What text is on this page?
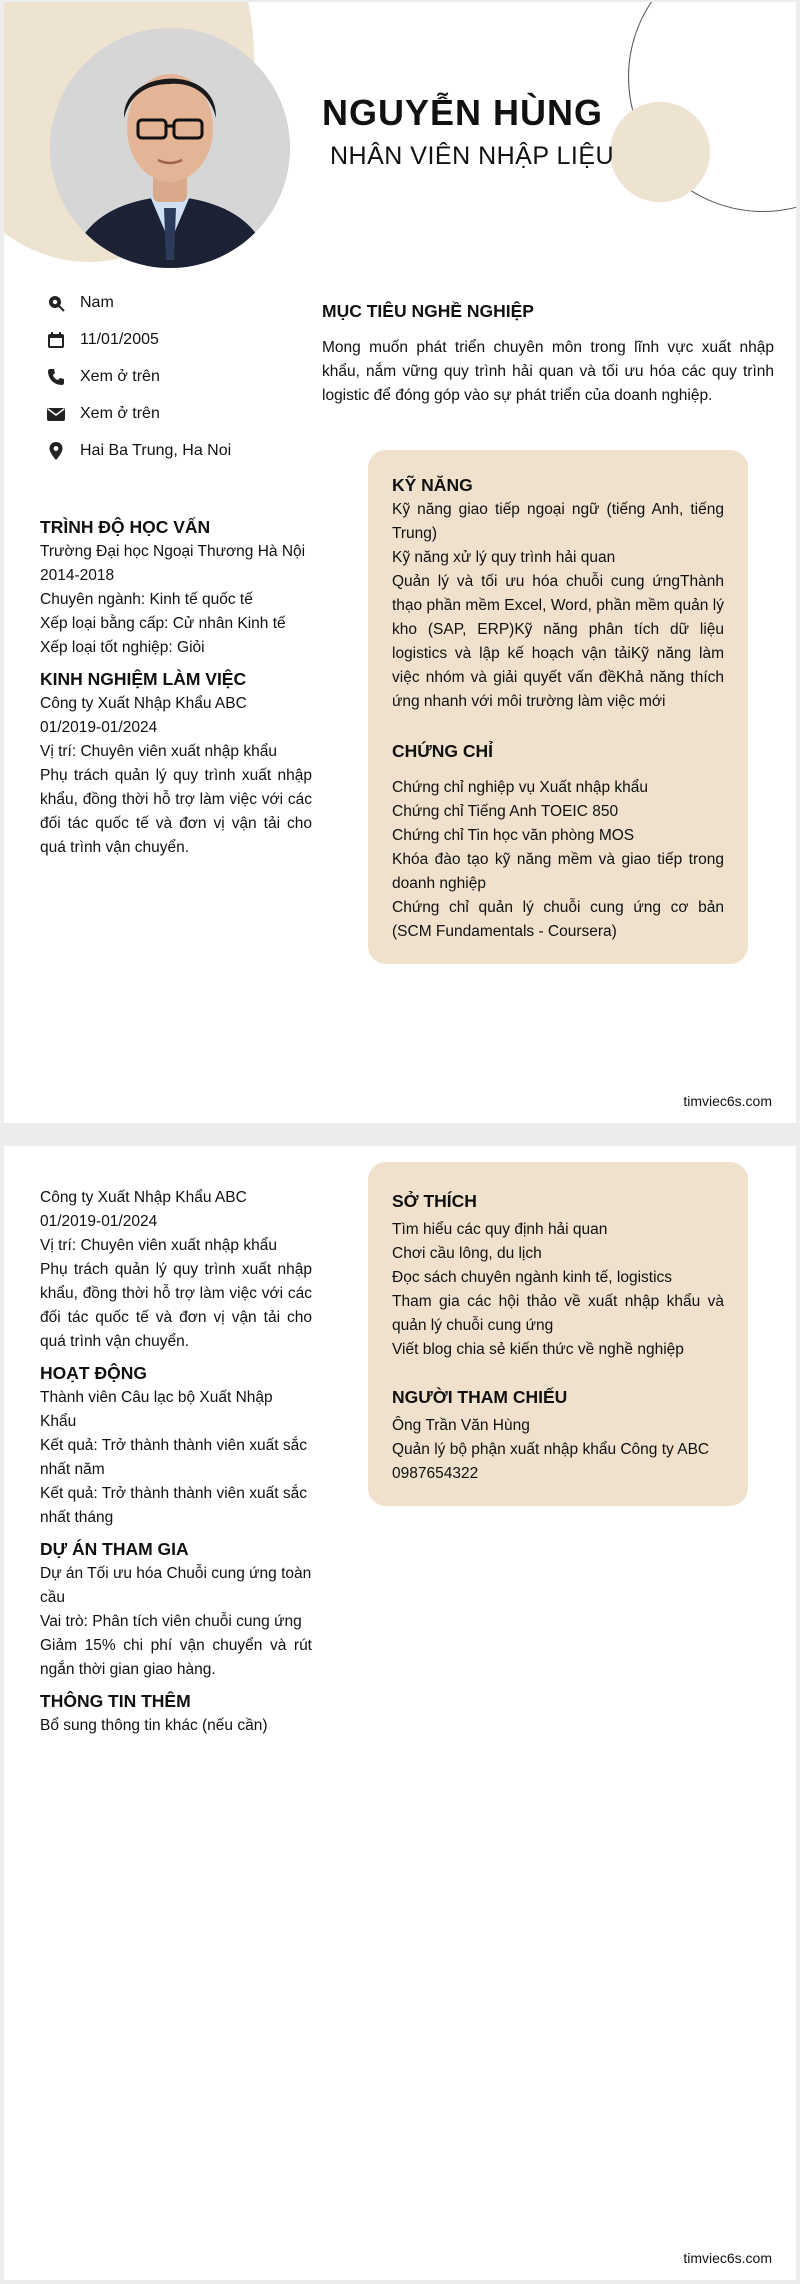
NGUYỄN HÙNG
NHÂN VIÊN NHẬP LIỆU
Nam
11/01/2005
Xem ở trên
Xem ở trên
Hai Ba Trung, Ha Noi

MỤC TIÊU NGHỀ NGHIỆP

Mong muốn phát triển chuyên môn trong lĩnh vực xuất nhập khẩu, nắm vững quy trình hải quan và tối ưu hóa các quy trình logistic để đóng góp vào sự phát triển của doanh nghiệp.

TRÌNH ĐỘ HỌC VẤN

Trường Đại học Ngoại Thương Hà Nội

2014-2018

Chuyên ngành: Kinh tế quốc tế

Xếp loại bằng cấp: Cử nhân Kinh tế

Xếp loại tốt nghiệp: Giỏi

KINH NGHIỆM LÀM VIỆC

Công ty Xuất Nhập Khẩu ABC

01/2019-01/2024

Vị trí: Chuyên viên xuất nhập khẩu

Phụ trách quản lý quy trình xuất nhập khẩu, đồng thời hỗ trợ làm việc với các đối tác quốc tế và đơn vị vận tải cho quá trình vận chuyển.

KỸ NĂNG

Kỹ năng giao tiếp ngoại ngữ (tiếng Anh, tiếng Trung)

Kỹ năng xử lý quy trình hải quan

Quản lý và tối ưu hóa chuỗi cung ứngThành thạo phần mềm Excel, Word, phần mềm quản lý kho (SAP, ERP)Kỹ năng phân tích dữ liệu logistics và lập kế hoạch vận tảiKỹ năng làm việc nhóm và giải quyết vấn đềKhả năng thích ứng nhanh với môi trường làm việc mới

CHỨNG CHỈ

Chứng chỉ nghiệp vụ Xuất nhập khẩu

Chứng chỉ Tiếng Anh TOEIC 850

Chứng chỉ Tin học văn phòng MOS

Khóa đào tạo kỹ năng mềm và giao tiếp trong doanh nghiệp

Chứng chỉ quản lý chuỗi cung ứng cơ bản (SCM Fundamentals - Coursera)

timviec6s.com

Công ty Xuất Nhập Khẩu ABC

01/2019-01/2024

Vị trí: Chuyên viên xuất nhập khẩu

Phụ trách quản lý quy trình xuất nhập khẩu, đồng thời hỗ trợ làm việc với các đối tác quốc tế và đơn vị vận tải cho quá trình vận chuyển.

HOẠT ĐỘNG

Thành viên Câu lạc bộ Xuất Nhập Khẩu

Kết quả: Trở thành thành viên xuất sắc nhất năm

Kết quả: Trở thành thành viên xuất sắc nhất tháng

DỰ ÁN THAM GIA

Dự án Tối ưu hóa Chuỗi cung ứng toàn cầu

Vai trò: Phân tích viên chuỗi cung ứng

Giảm 15% chi phí vận chuyển và rút ngắn thời gian giao hàng.

THÔNG TIN THÊM

Bổ sung thông tin khác (nếu cần)

SỞ THÍCH

Tìm hiểu các quy định hải quan

Chơi cầu lông, du lịch

Đọc sách chuyên ngành kinh tế, logistics

Tham gia các hội thảo về xuất nhập khẩu và quản lý chuỗi cung ứng

Viết blog chia sẻ kiến thức về nghề nghiệp

NGƯỜI THAM CHIẾU

Ông Trần Văn Hùng

Quản lý bộ phận xuất nhập khẩu Công ty ABC

0987654322

timviec6s.com
